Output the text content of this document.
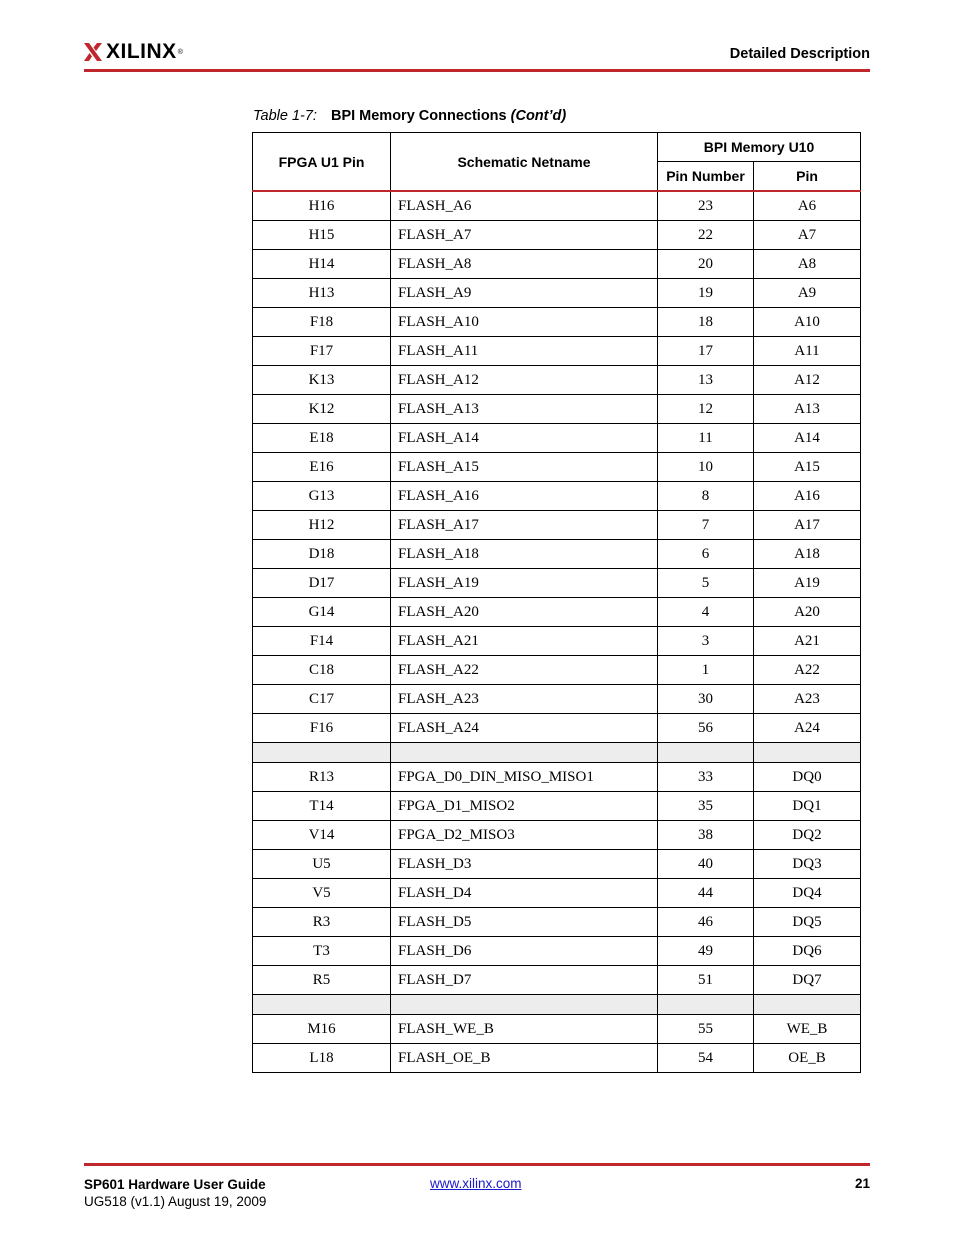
XILINX ®	Detailed Description
Table 1-7: BPI Memory Connections (Cont’d)
FPGA U1 Pin	Schematic Netname	BPI Memory U10	
		Pin Number	Pin
H16	FLASH_A6	23	A6
H15	FLASH_A7	22	A7
H14	FLASH_A8	20	A8
H13	FLASH_A9	19	A9
F18	FLASH_A10	18	A10
F17	FLASH_A11	17	A11
K13	FLASH_A12	13	A12
K12	FLASH_A13	12	A13
E18	FLASH_A14	11	A14
E16	FLASH_A15	10	A15
G13	FLASH_A16	8	A16
H12	FLASH_A17	7	A17
D18	FLASH_A18	6	A18
D17	FLASH_A19	5	A19
G14	FLASH_A20	4	A20
F14	FLASH_A21	3	A21
C18	FLASH_A22	1	A22
C17	FLASH_A23	30	A23
F16	FLASH_A24	56	A24

R13	FPGA_D0_DIN_MISO_MISO1	33	DQ0
T14	FPGA_D1_MISO2	35	DQ1
V14	FPGA_D2_MISO3	38	DQ2
U5	FLASH_D3	40	DQ3
V5	FLASH_D4	44	DQ4
R3	FLASH_D5	46	DQ5
T3	FLASH_D6	49	DQ6
R5	FLASH_D7	51	DQ7

M16	FLASH_WE_B	55	WE_B
L18	FLASH_OE_B	54	OE_B
SP601 Hardware User Guide
UG518 (v1.1) August 19, 2009
www.xilinx.com	21
